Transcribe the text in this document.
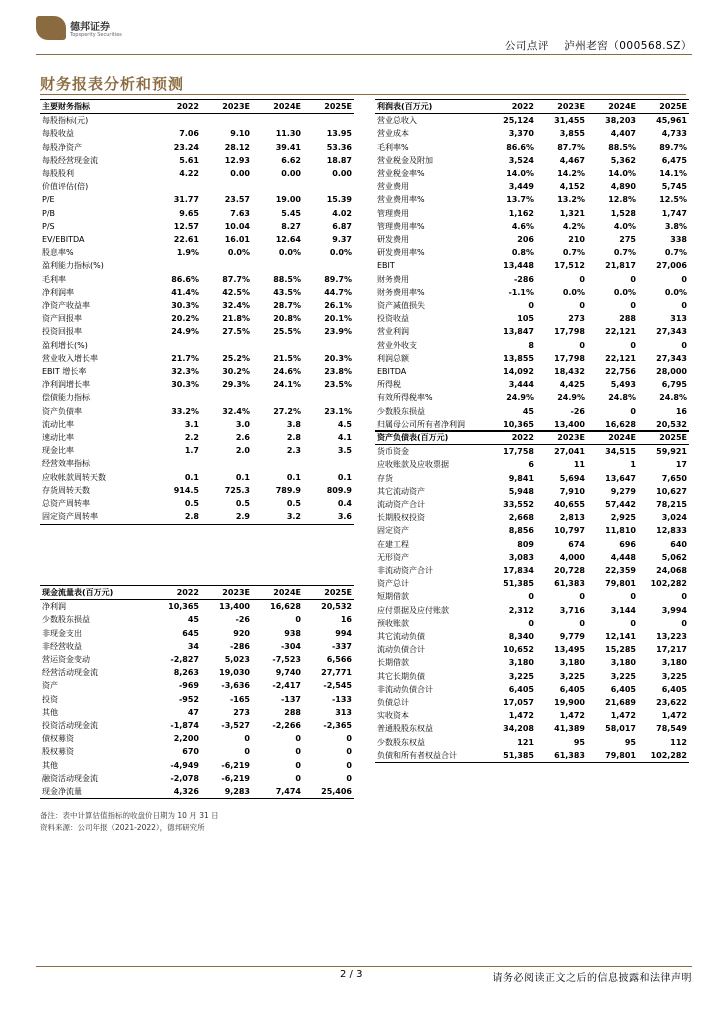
德邦证券
Topsperity Securities
公司点评 泸州老窖（000568.SZ）
财务报表分析和预测
主要财务指标	2022	2023E	2024E	2025E
每股指标(元)				
每股收益	7.06	9.10	11.30	13.95
每股净资产	23.24	28.12	39.41	53.36
每股经营现金流	5.61	12.93	6.62	18.87
每股股利	4.22	0.00	0.00	0.00
价值评估(倍)				
P/E	31.77	23.57	19.00	15.39
P/B	9.65	7.63	5.45	4.02
P/S	12.57	10.04	8.27	6.87
EV/EBITDA	22.61	16.01	12.64	9.37
股息率%	1.9%	0.0%	0.0%	0.0%
盈利能力指标(%)				
毛利率	86.6%	87.7%	88.5%	89.7%
净利润率	41.4%	42.5%	43.5%	44.7%
净资产收益率	30.3%	32.4%	28.7%	26.1%
资产回报率	20.2%	21.8%	20.8%	20.1%
投资回报率	24.9%	27.5%	25.5%	23.9%
盈利增长(%)				
营业收入增长率	21.7%	25.2%	21.5%	20.3%
EBIT 增长率	32.3%	30.2%	24.6%	23.8%
净利润增长率	30.3%	29.3%	24.1%	23.5%
偿债能力指标				
资产负债率	33.2%	32.4%	27.2%	23.1%
流动比率	3.1	3.0	3.8	4.5
速动比率	2.2	2.6	2.8	4.1
现金比率	1.7	2.0	2.3	3.5
经营效率指标				
应收帐款周转天数	0.1	0.1	0.1	0.1
存货周转天数	914.5	725.3	789.9	809.9
总资产周转率	0.5	0.5	0.5	0.4
固定资产周转率	2.8	2.9	3.2	3.6
利润表(百万元)	2022	2023E	2024E	2025E
营业总收入	25,124	31,455	38,203	45,961
营业成本	3,370	3,855	4,407	4,733
毛利率%	86.6%	87.7%	88.5%	89.7%
营业税金及附加	3,524	4,467	5,362	6,475
营业税金率%	14.0%	14.2%	14.0%	14.1%
营业费用	3,449	4,152	4,890	5,745
营业费用率%	13.7%	13.2%	12.8%	12.5%
管理费用	1,162	1,321	1,528	1,747
管理费用率%	4.6%	4.2%	4.0%	3.8%
研发费用	206	210	275	338
研发费用率%	0.8%	0.7%	0.7%	0.7%
EBIT	13,448	17,512	21,817	27,006
财务费用	-286	0	0	0
财务费用率%	-1.1%	0.0%	0.0%	0.0%
资产减值损失	0	0	0	0
投资收益	105	273	288	313
营业利润	13,847	17,798	22,121	27,343
营业外收支	8	0	0	0
利润总额	13,855	17,798	22,121	27,343
EBITDA	14,092	18,432	22,756	28,000
所得税	3,444	4,425	5,493	6,795
有效所得税率%	24.9%	24.9%	24.8%	24.8%
少数股东损益	45	-26	0	16
归属母公司所有者净利润	10,365	13,400	16,628	20,532
资产负债表(百万元)	2022	2023E	2024E	2025E
货币资金	17,758	27,041	34,515	59,921
应收账款及应收票据	6	11	1	17
存货	9,841	5,694	13,647	7,650
其它流动资产	5,948	7,910	9,279	10,627
流动资产合计	33,552	40,655	57,442	78,215
长期股权投资	2,668	2,813	2,925	3,024
固定资产	8,856	10,797	11,810	12,833
在建工程	809	674	696	640
无形资产	3,083	4,000	4,448	5,062
非流动资产合计	17,834	20,728	22,359	24,068
资产总计	51,385	61,383	79,801	102,282
短期借款	0	0	0	0
应付票据及应付账款	2,312	3,716	3,144	3,994
预收账款	0	0	0	0
其它流动负债	8,340	9,779	12,141	13,223
流动负债合计	10,652	13,495	15,285	17,217
长期借款	3,180	3,180	3,180	3,180
其它长期负债	3,225	3,225	3,225	3,225
非流动负债合计	6,405	6,405	6,405	6,405
负债总计	17,057	19,900	21,689	23,622
实收资本	1,472	1,472	1,472	1,472
普通股股东权益	34,208	41,389	58,017	78,549
少数股东权益	121	95	95	112
负债和所有者权益合计	51,385	61,383	79,801	102,282
现金流量表(百万元)	2022	2023E	2024E	2025E
净利润	10,365	13,400	16,628	20,532
少数股东损益	45	-26	0	16
非现金支出	645	920	938	994
非经营收益	34	-286	-304	-337
营运资金变动	-2,827	5,023	-7,523	6,566
经营活动现金流	8,263	19,030	9,740	27,771
资产	-969	-3,636	-2,417	-2,545
投资	-952	-165	-137	-133
其他	47	273	288	313
投资活动现金流	-1,874	-3,527	-2,266	-2,365
债权募资	2,200	0	0	0
股权募资	670	0	0	0
其他	-4,949	-6,219	0	0
融资活动现金流	-2,078	-6,219	0	0
现金净流量	4,326	9,283	7,474	25,406
备注：表中计算估值指标的收盘价日期为 10 月 31 日
资料来源：公司年报（2021-2022），德邦研究所
2 / 3	请务必阅读正文之后的信息披露和法律声明
